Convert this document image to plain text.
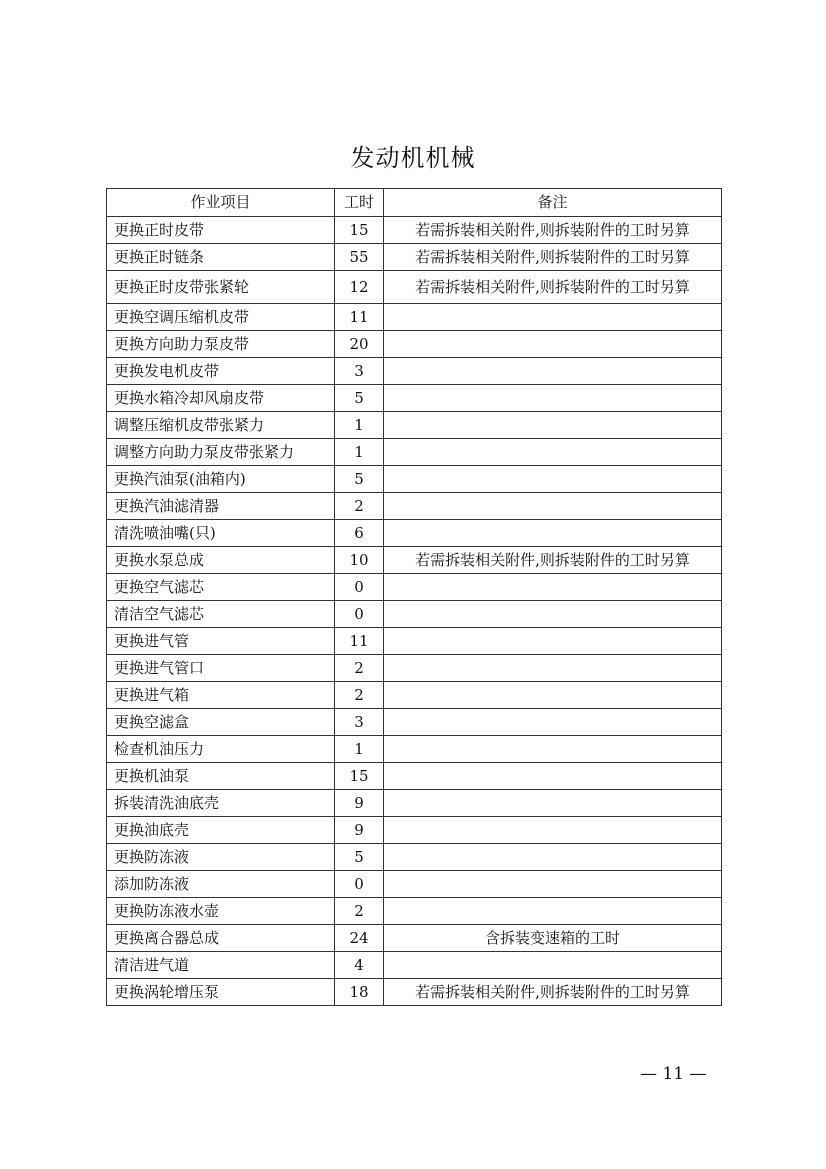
发动机机械
作业项目	工时	备注
更换正时皮带	15	若需拆装相关附件,则拆装附件的工时另算
更换正时链条	55	若需拆装相关附件,则拆装附件的工时另算
更换正时皮带张紧轮	12	若需拆装相关附件,则拆装附件的工时另算
更换空调压缩机皮带	11	
更换方向助力泵皮带	20	
更换发电机皮带	3	
更换水箱冷却风扇皮带	5	
调整压缩机皮带张紧力	1	
调整方向助力泵皮带张紧力	1	
更换汽油泵(油箱内)	5	
更换汽油滤清器	2	
清洗喷油嘴(只)	6	
更换水泵总成	10	若需拆装相关附件,则拆装附件的工时另算
更换空气滤芯	0	
清洁空气滤芯	0	
更换进气管	11	
更换进气管口	2	
更换进气箱	2	
更换空滤盒	3	
检查机油压力	1	
更换机油泵	15	
拆装清洗油底壳	9	
更换油底壳	9	
更换防冻液	5	
添加防冻液	0	
更换防冻液水壶	2	
更换离合器总成	24	含拆装变速箱的工时
清洁进气道	4	
更换涡轮增压泵	18	若需拆装相关附件,则拆装附件的工时另算
— 11 —
